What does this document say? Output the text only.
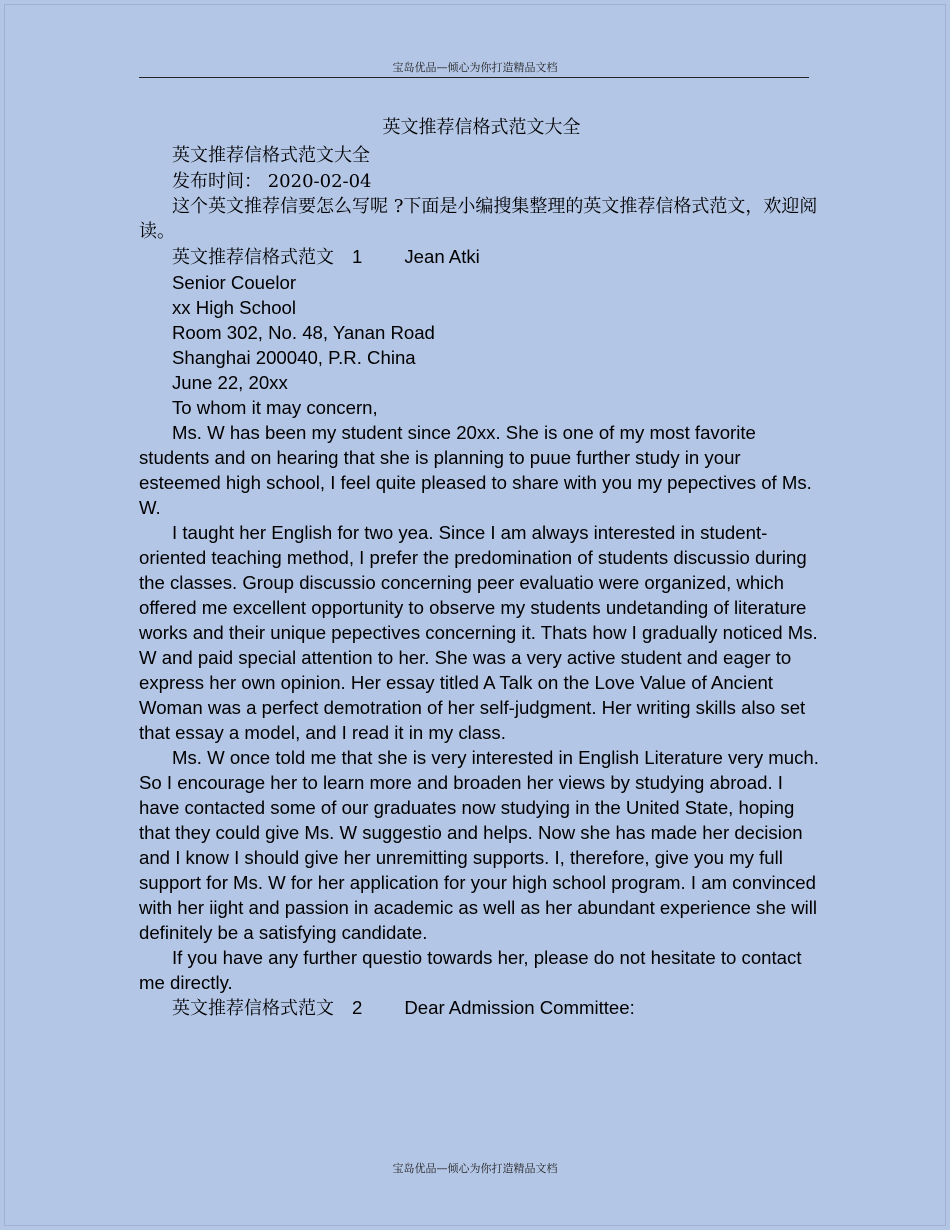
宝岛优品—倾心为你打造精品文档
英文推荐信格式范文大全

英文推荐信格式范文大全

发布时间： 2020-02-04

这个英文推荐信要怎么写呢 ?下面是小编搜集整理的英文推荐信格式范文，欢迎阅读。

英文推荐信格式范文 1 Jean Atki

Senior Couelor

xx High School

Room 302, No. 48, Yanan Road

Shanghai 200040, P.R. China

June 22, 20xx

To whom it may concern,

Ms. W has been my student since 20xx. She is one of my most favorite students and on hearing that she is planning to puue further study in your esteemed high school, I feel quite pleased to share with you my pepectives of Ms. W.

I taught her English for two yea. Since I am always interested in student-oriented teaching method, I prefer the predomination of students discussio during the classes. Group discussio concerning peer evaluatio were organized, which offered me excellent opportunity to observe my students undetanding of literature works and their unique pepectives concerning it. Thats how I gradually noticed Ms. W and paid special attention to her. She was a very active student and eager to express her own opinion. Her essay titled A Talk on the Love Value of Ancient Woman was a perfect demotration of her self-judgment. Her writing skills also set that essay a model, and I read it in my class.

Ms. W once told me that she is very interested in English Literature very much. So I encourage her to learn more and broaden her views by studying abroad. I have contacted some of our graduates now studying in the United State, hoping that they could give Ms. W suggestio and helps. Now she has made her decision and I know I should give her unremitting supports. I, therefore, give you my full support for Ms. W for her application for your high school program. I am convinced with her iight and passion in academic as well as her abundant experience she will definitely be a satisfying candidate.

If you have any further questio towards her, please do not hesitate to contact me directly.

英文推荐信格式范文 2 Dear Admission Committee:

宝岛优品—倾心为你打造精品文档
